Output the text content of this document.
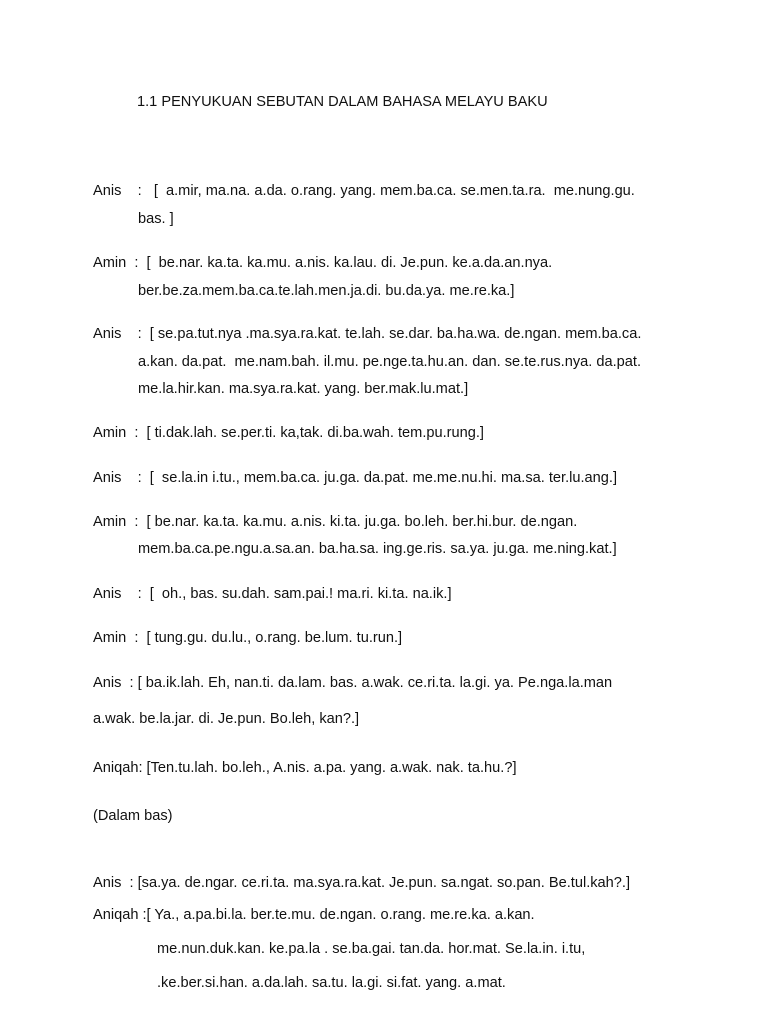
1.1 PENYUKUAN SEBUTAN DALAM BAHASA MELAYU BAKU
Anis    :   [  a.mir, ma.na. a.da. o.rang. yang. mem.ba.ca. se.men.ta.ra.  me.nung.gu.
bas. ]
Amin  :  [  be.nar. ka.ta. ka.mu. a.nis. ka.lau. di. Je.pun. ke.a.da.an.nya.
ber.be.za.mem.ba.ca.te.lah.men.ja.di. bu.da.ya. me.re.ka.]
Anis    :  [ se.pa.tut.nya .ma.sya.ra.kat. te.lah. se.dar. ba.ha.wa. de.ngan. mem.ba.ca.
a.kan. da.pat.  me.nam.bah. il.mu. pe.nge.ta.hu.an. dan. se.te.rus.nya. da.pat.
me.la.hir.kan. ma.sya.ra.kat. yang. ber.mak.lu.mat.]
Amin  :  [ ti.dak.lah. se.per.ti. ka,tak. di.ba.wah. tem.pu.rung.]
Anis    :  [  se.la.in i.tu., mem.ba.ca. ju.ga. da.pat. me.me.nu.hi. ma.sa. ter.lu.ang.]
Amin  :  [ be.nar. ka.ta. ka.mu. a.nis. ki.ta. ju.ga. bo.leh. ber.hi.bur. de.ngan.
mem.ba.ca.pe.ngu.a.sa.an. ba.ha.sa. ing.ge.ris. sa.ya. ju.ga. me.ning.kat.]
Anis    :  [  oh., bas. su.dah. sam.pai.! ma.ri. ki.ta. na.ik.]
Amin  :  [ tung.gu. du.lu., o.rang. be.lum. tu.run.]
Anis  : [ ba.ik.lah. Eh, nan.ti. da.lam. bas. a.wak. ce.ri.ta. la.gi. ya. Pe.nga.la.man
a.wak. be.la.jar. di. Je.pun. Bo.leh, kan?.]
Aniqah: [Ten.tu.lah. bo.leh., A.nis. a.pa. yang. a.wak. nak. ta.hu.?]
(Dalam bas)
Anis  : [sa.ya. de.ngar. ce.ri.ta. ma.sya.ra.kat. Je.pun. sa.ngat. so.pan. Be.tul.kah?.]
Aniqah :[ Ya., a.pa.bi.la. ber.te.mu. de.ngan. o.rang. me.re.ka. a.kan.
me.nun.duk.kan. ke.pa.la . se.ba.gai. tan.da. hor.mat. Se.la.in. i.tu,
.ke.ber.si.han. a.da.lah. sa.tu. la.gi. si.fat. yang. a.mat.
